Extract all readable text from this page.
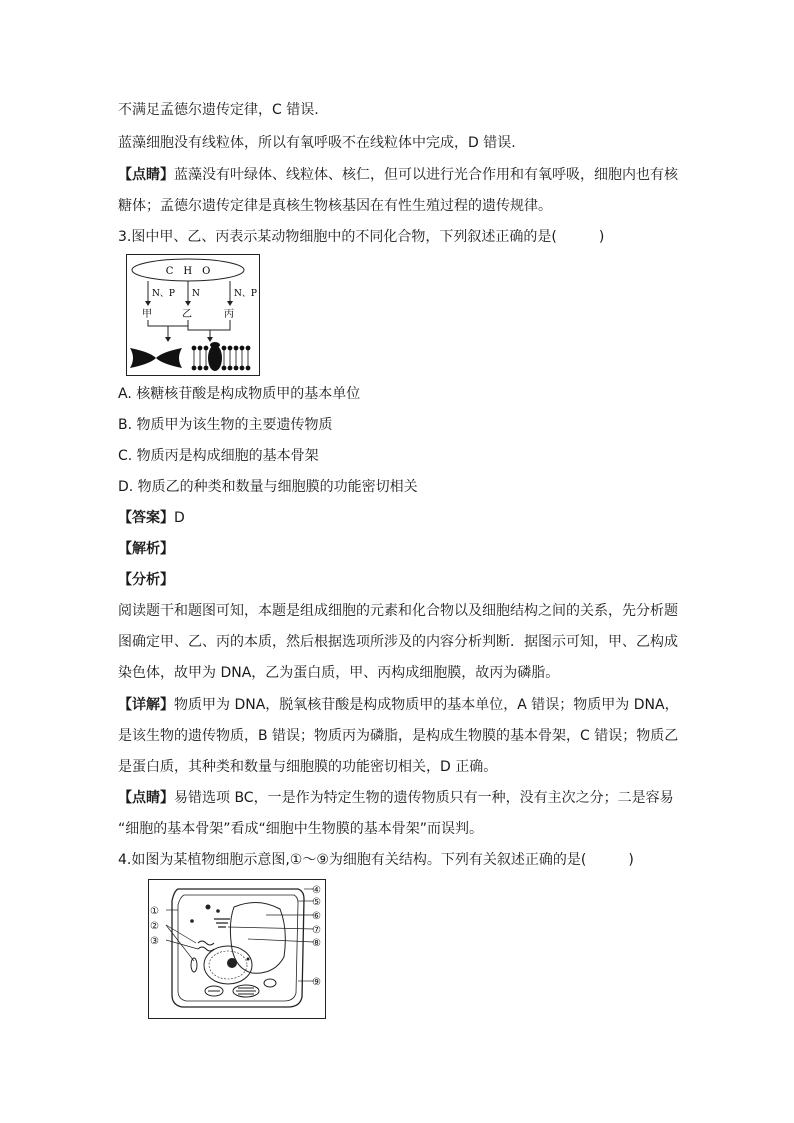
不满足孟德尔遗传定律，C 错误.
蓝藻细胞没有线粒体，所以有氧呼吸不在线粒体中完成，D 错误.
【点睛】蓝藻没有叶绿体、线粒体、核仁，但可以进行光合作用和有氧呼吸，细胞内也有核
糖体；孟德尔遗传定律是真核生物核基因在有性生殖过程的遗传规律。
3.图中甲、乙、丙表示某动物细胞中的不同化合物，下列叙述正确的是(　　　)
C　H　O
N、P N	N、P
甲	乙	丙
A. 核糖核苷酸是构成物质甲的基本单位
B. 物质甲为该生物的主要遗传物质
C. 物质丙是构成细胞的基本骨架
D. 物质乙的种类和数量与细胞膜的功能密切相关
【答案】D
【解析】
【分析】
阅读题干和题图可知，本题是组成细胞的元素和化合物以及细胞结构之间的关系，先分析题
图确定甲、乙、丙的本质，然后根据选项所涉及的内容分析判断．据图示可知，甲、乙构成
染色体，故甲为 DNA，乙为蛋白质，甲、丙构成细胞膜，故丙为磷脂。
【详解】物质甲为 DNA，脱氧核苷酸是构成物质甲的基本单位，A 错误；物质甲为 DNA，
是该生物的遗传物质，B 错误；物质丙为磷脂，是构成生物膜的基本骨架，C 错误；物质乙
是蛋白质，其种类和数量与细胞膜的功能密切相关，D 正确。
【点睛】易错选项 BC，一是作为特定生物的遗传物质只有一种，没有主次之分；二是容易
“细胞的基本骨架”看成“细胞中生物膜的基本骨架”而误判。
4.如图为某植物细胞示意图,①～⑨为细胞有关结构。下列有关叙述正确的是(　　　)
①
②
③
④
⑤
⑥
⑦
⑧
⑨
